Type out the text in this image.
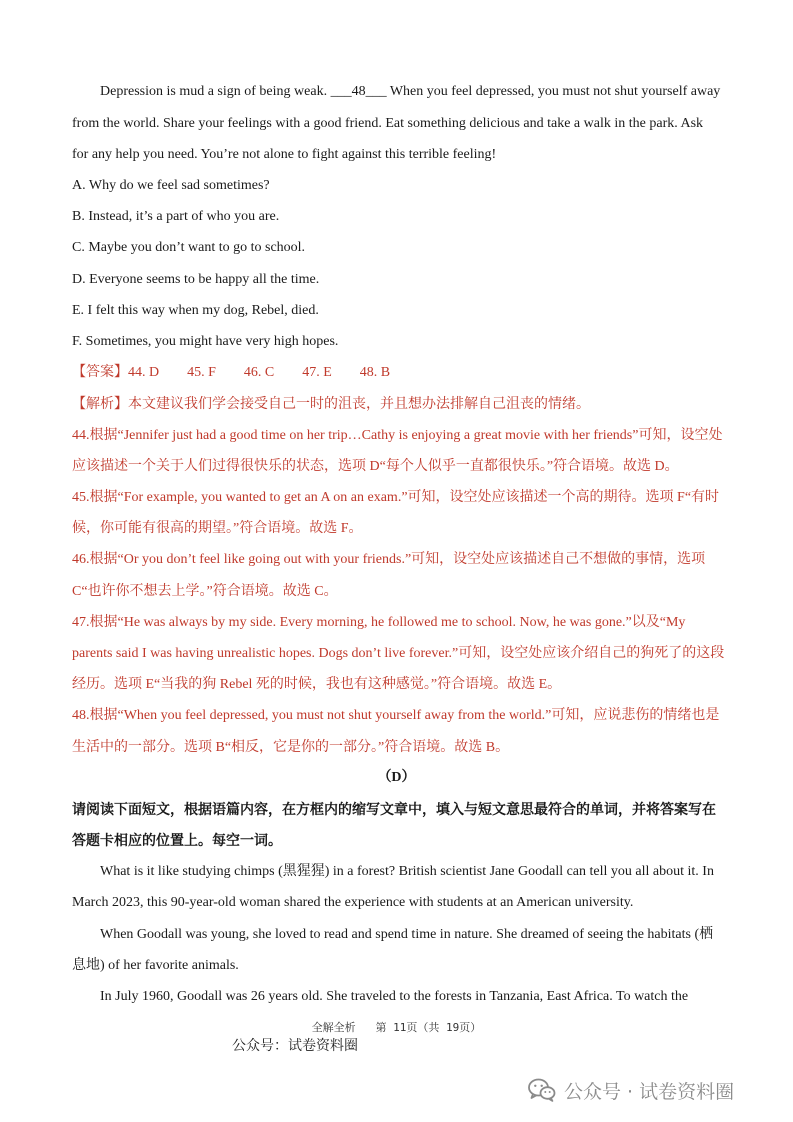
Depression is mud a sign of being weak. ___48___ When you feel depressed, you must not shut yourself away
from the world. Share your feelings with a good friend. Eat something delicious and take a walk in the park. Ask
for any help you need. You’re not alone to fight against this terrible feeling!
A. Why do we feel sad sometimes?
B. Instead, it’s a part of who you are.
C. Maybe you don’t want to go to school.
D. Everyone seems to be happy all the time.
E. I felt this way when my dog, Rebel, died.
F. Sometimes, you might have very high hopes.
【答案】44. D        45. F        46. C        47. E        48. B
【解析】本文建议我们学会接受自己一时的沮丧，并且想办法排解自己沮丧的情绪。
44.根据“Jennifer just had a good time on her trip…Cathy is enjoying a great movie with her friends”可知，设空处
应该描述一个关于人们过得很快乐的状态，选项 D“每个人似乎一直都很快乐。”符合语境。故选 D。
45.根据“For example, you wanted to get an A on an exam.”可知，设空处应该描述一个高的期待。选项 F“有时
候，你可能有很高的期望。”符合语境。故选 F。
46.根据“Or you don’t feel like going out with your friends.”可知，设空处应该描述自己不想做的事情，选项
C“也许你不想去上学。”符合语境。故选 C。
47.根据“He was always by my side. Every morning, he followed me to school. Now, he was gone.”以及“My
parents said I was having unrealistic hopes. Dogs don’t live forever.”可知，设空处应该介绍自己的狗死了的这段
经历。选项 E“当我的狗 Rebel 死的时候，我也有这种感觉。”符合语境。故选 E。
48.根据“When you feel depressed, you must not shut yourself away from the world.”可知，应说悲伤的情绪也是
生活中的一部分。选项 B“相反，它是你的一部分。”符合语境。故选 B。
（D）
请阅读下面短文，根据语篇内容，在方框内的缩写文章中，填入与短文意思最符合的单词，并将答案写在
答题卡相应的位置上。每空一词。
What is it like studying chimps (黑猩猩) in a forest? British scientist Jane Goodall can tell you all about it. In
March 2023, this 90-year-old woman shared the experience with students at an American university.
When Goodall was young, she loved to read and spend time in nature. She dreamed of seeing the habitats (栖
息地) of her favorite animals.
In July 1960, Goodall was 26 years old. She traveled to the forests in Tanzania, East Africa. To watch the
全解全析   第 11页（共 19页）
公众号：试卷资料圈
公众号 · 试卷资料圈
